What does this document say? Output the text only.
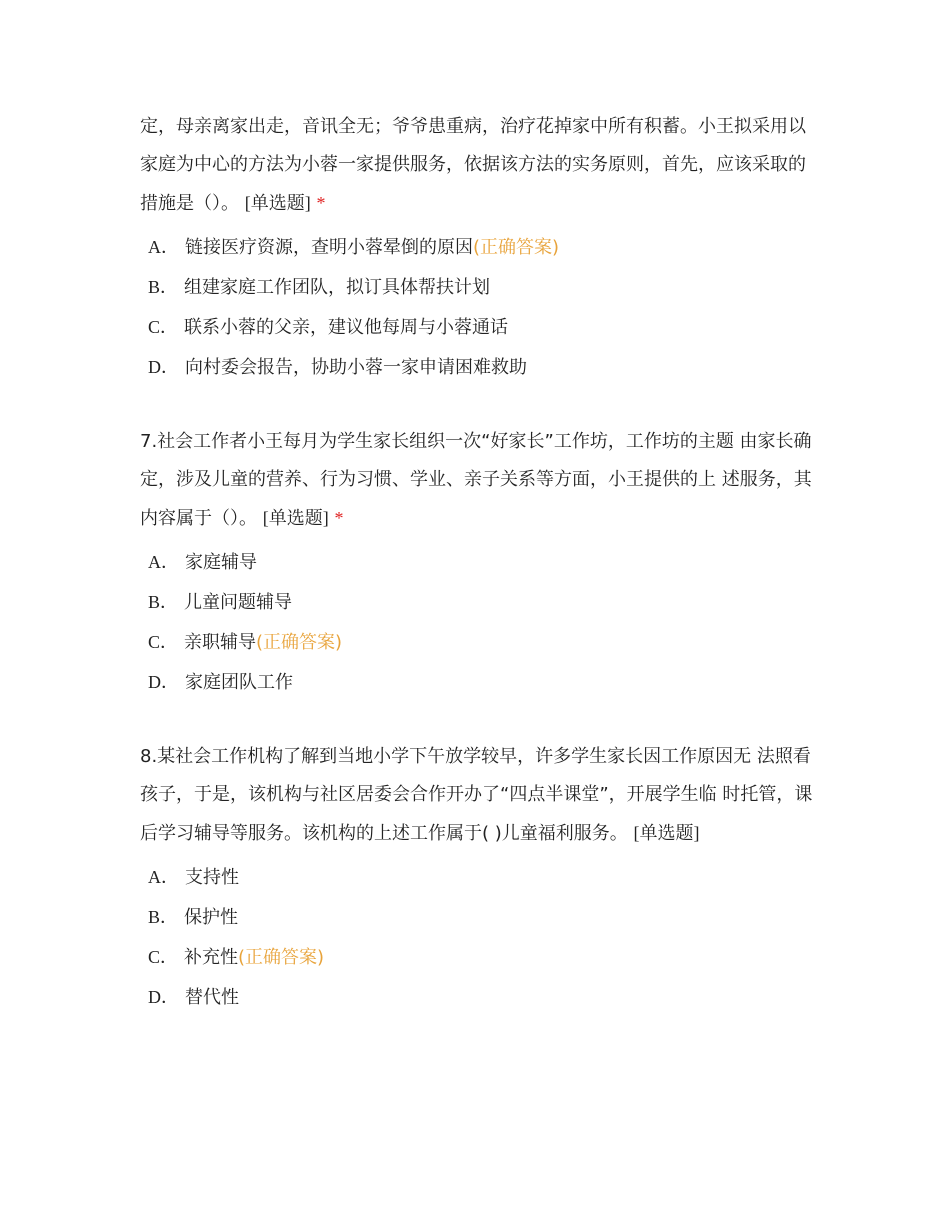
定，母亲离家出走，音讯全无；爷爷患重病，治疗花掉家中所有积蓄。小王拟采用以家庭为中心的方法为小蓉一家提供服务，依据该方法的实务原则，首先，应该采取的措施是（）。 [单选题] *

A． 链接医疗资源，查明小蓉晕倒的原因(正确答案)
B． 组建家庭工作团队，拟订具体帮扶计划
C． 联系小蓉的父亲，建议他每周与小蓉通话
D． 向村委会报告，协助小蓉一家申请困难救助

7.社会工作者小王每月为学生家长组织一次“好家长”工作坊，工作坊的主题 由家长确定，涉及儿童的营养、行为习惯、学业、亲子关系等方面，小王提供的上 述服务，其内容属于（）。 [单选题] *

A． 家庭辅导
B． 儿童问题辅导
C． 亲职辅导(正确答案)
D． 家庭团队工作

8.某社会工作机构了解到当地小学下午放学较早，许多学生家长因工作原因无 法照看孩子，于是，该机构与社区居委会合作开办了“四点半课堂”，开展学生临 时托管，课后学习辅导等服务。该机构的上述工作属于( )儿童福利服务。 [单选题]

A． 支持性
B． 保护性
C． 补充性(正确答案)
D． 替代性
